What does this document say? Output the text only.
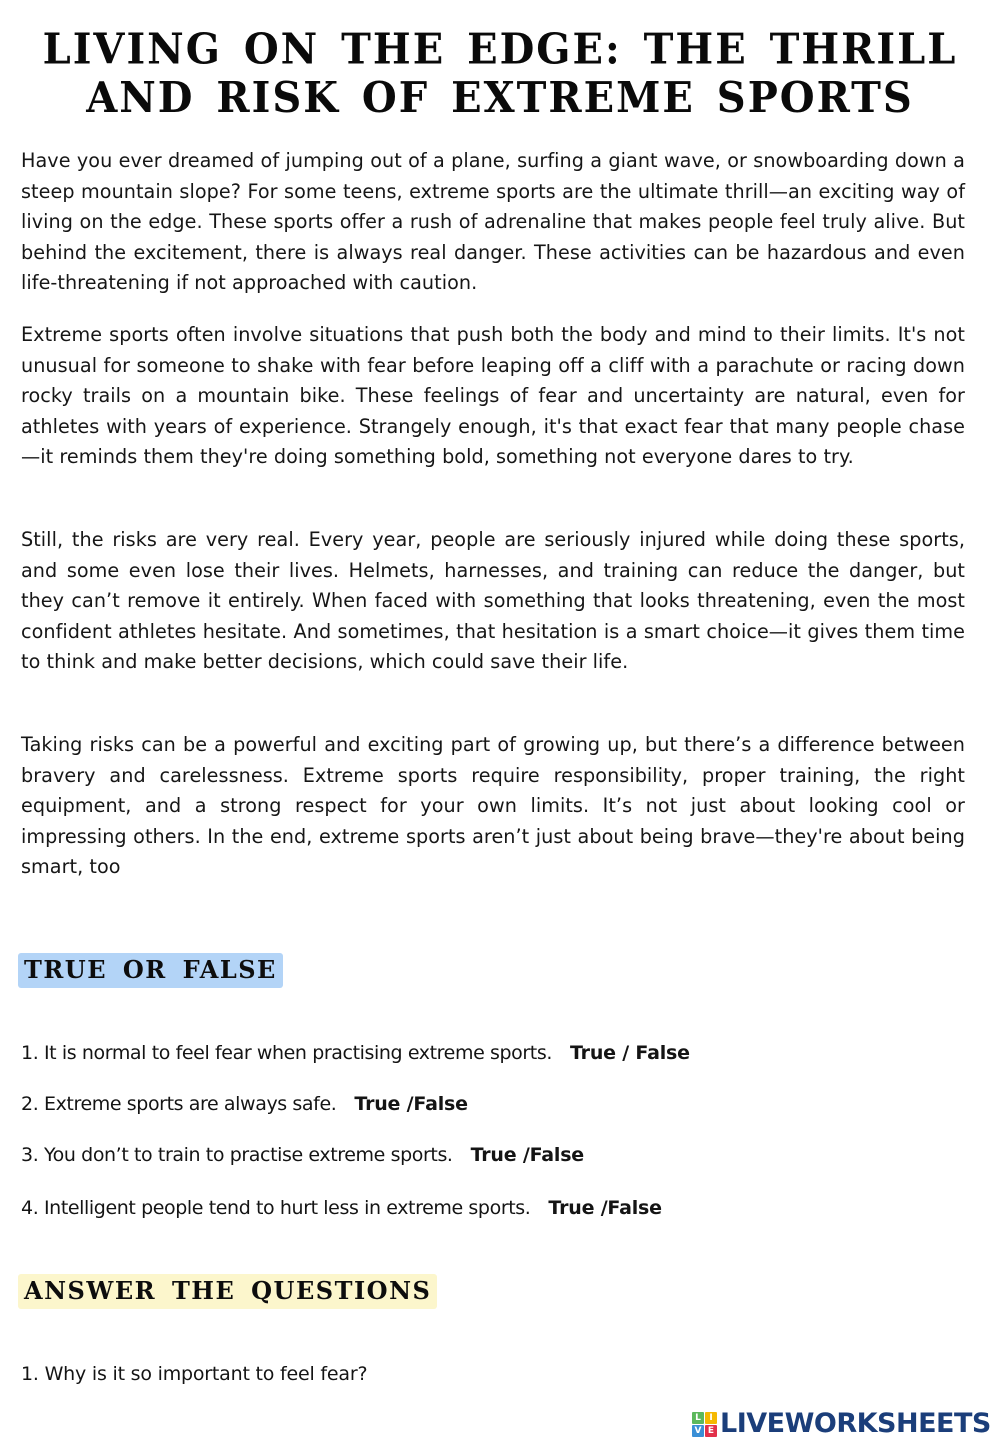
LIVING ON THE EDGE: THE THRILL
AND RISK OF EXTREME SPORTS

Have you ever dreamed of jumping out of a plane, surfing a giant wave, or snowboarding down a steep mountain slope? For some teens, extreme sports are the ultimate thrill—an exciting way of living on the edge. These sports offer a rush of adrenaline that makes people feel truly alive. But behind the excitement, there is always real danger. These activities can be hazardous and even life-threatening if not approached with caution.

Extreme sports often involve situations that push both the body and mind to their limits. It's not unusual for someone to shake with fear before leaping off a cliff with a parachute or racing down rocky trails on a mountain bike. These feelings of fear and uncertainty are natural, even for athletes with years of experience. Strangely enough, it's that exact fear that many people chase—it reminds them they're doing something bold, something not everyone dares to try.

Still, the risks are very real. Every year, people are seriously injured while doing these sports, and some even lose their lives. Helmets, harnesses, and training can reduce the danger, but they can’t remove it entirely. When faced with something that looks threatening, even the most confident athletes hesitate. And sometimes, that hesitation is a smart choice—it gives them time to think and make better decisions, which could save their life.

Taking risks can be a powerful and exciting part of growing up, but there’s a difference between bravery and carelessness. Extreme sports require responsibility, proper training, the right equipment, and a strong respect for your own limits. It’s not just about looking cool or impressing others. In the end, extreme sports aren’t just about being brave—they're about being smart, too

TRUE OR FALSE
1. It is normal to feel fear when practising extreme sports. True / False
2. Extreme sports are always safe. True /False
3. You don’t to train to practise extreme sports. True /False
4. Intelligent people tend to hurt less in extreme sports. True /False
ANSWER THE QUESTIONS
1. Why is it so important to feel fear?
L I
V E LIVEWORKSHEETS
